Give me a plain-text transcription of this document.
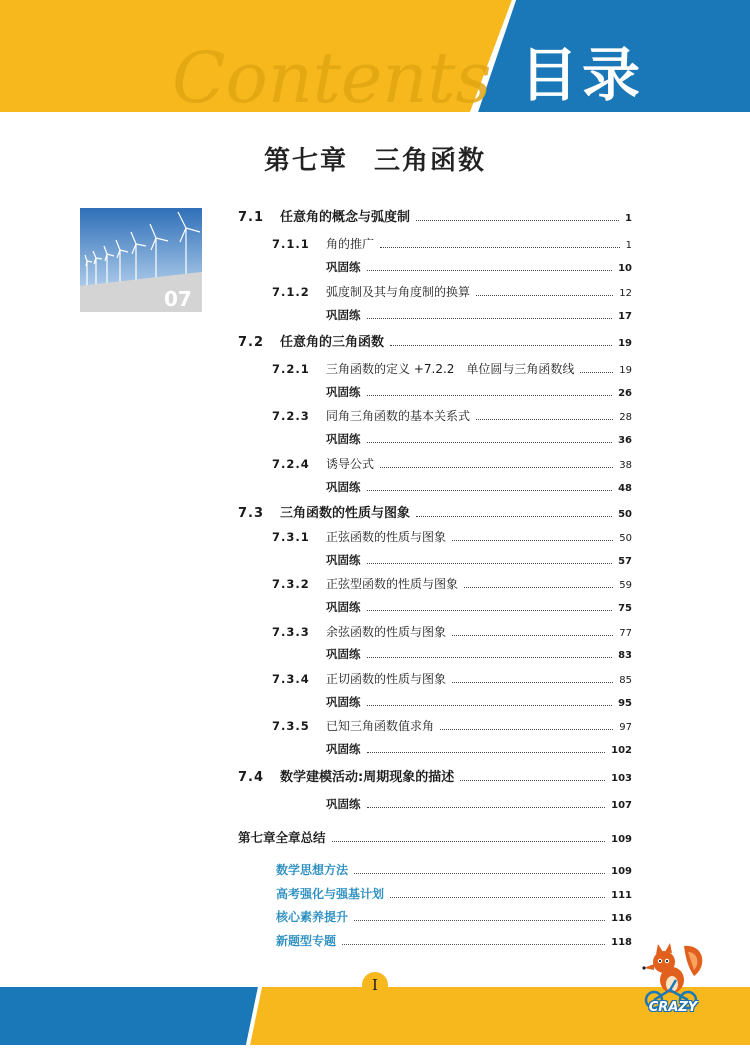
Contents 目录
第七章 三角函数
07
7.1	任意角的概念与弧度制	1
7.1.1	角的推广	1
巩固练	10
7.1.2	弧度制及其与角度制的换算	12
巩固练	17
7.2	任意角的三角函数	19
7.2.1	三角函数的定义 +7.2.2　单位圆与三角函数线	19
巩固练	26
7.2.3	同角三角函数的基本关系式	28
巩固练	36
7.2.4	诱导公式	38
巩固练	48
7.3	三角函数的性质与图象	50
7.3.1	正弦函数的性质与图象	50
巩固练	57
7.3.2	正弦型函数的性质与图象	59
巩固练	75
7.3.3	余弦函数的性质与图象	77
巩固练	83
7.3.4	正切函数的性质与图象	85
巩固练	95
7.3.5	已知三角函数值求角	97
巩固练	102
7.4	数学建模活动:周期现象的描述	103
巩固练	107
第七章全章总结	109
数学思想方法	109
高考强化与强基计划	111
核心素养提升	116
新题型专题	118
I
CRAZY
